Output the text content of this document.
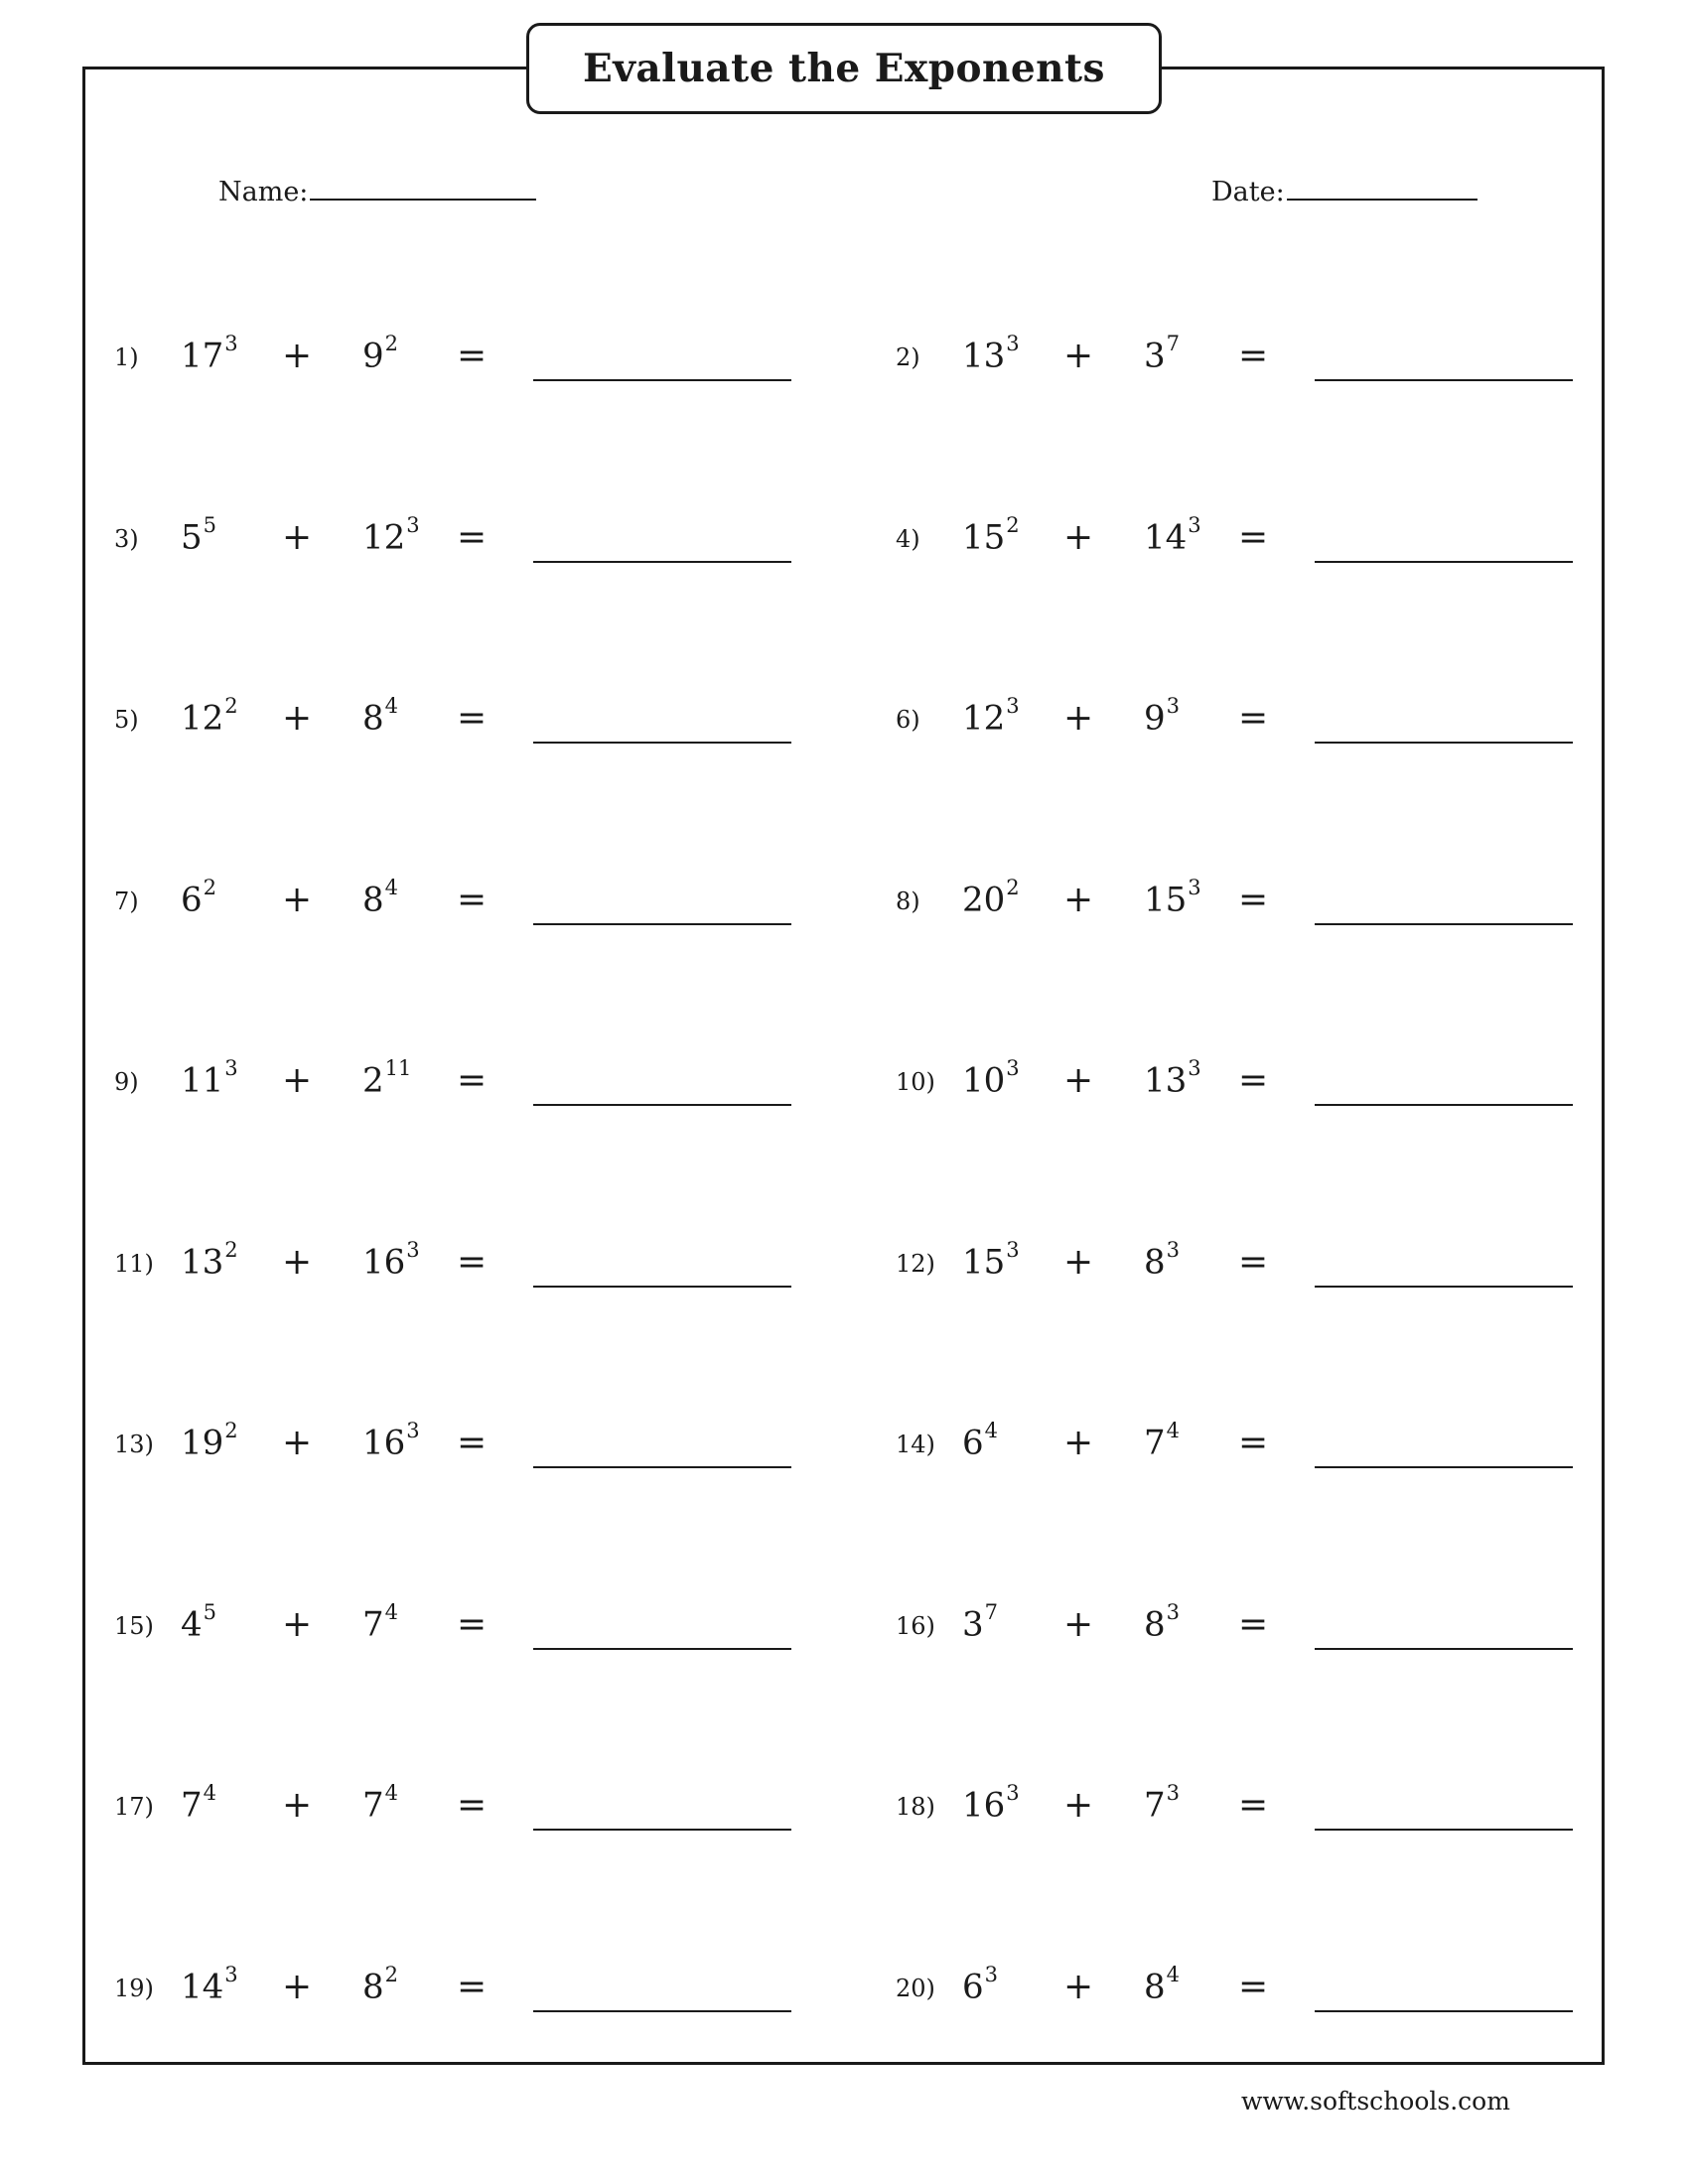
Evaluate the Exponents
Name:	Date:
1) $17^3 + 9^2$ =	2) $13^3 + 3^7$ =
3) $5^5 + 12^3$ =	4) $15^2 + 14^3$ =
5) $12^2 + 8^4$ =	6) $12^3 + 9^3$ =
7) $6^2 + 8^4$ =	8) $20^2 + 15^3$ =
9) $11^3 + 2^{11}$ =	10) $10^3 + 13^3$ =
11) $13^2 + 16^3$ =	12) $15^3 + 8^3$ =
13) $19^2 + 16^3$ =	14) $6^4 + 7^4$ =
15) $4^5 + 7^4$ =	16) $3^7 + 8^3$ =
17) $7^4 + 7^4$ =	18) $16^3 + 7^3$ =
19) $14^3 + 8^2$ =	20) $6^3 + 8^4$ =
www.softschools.com
